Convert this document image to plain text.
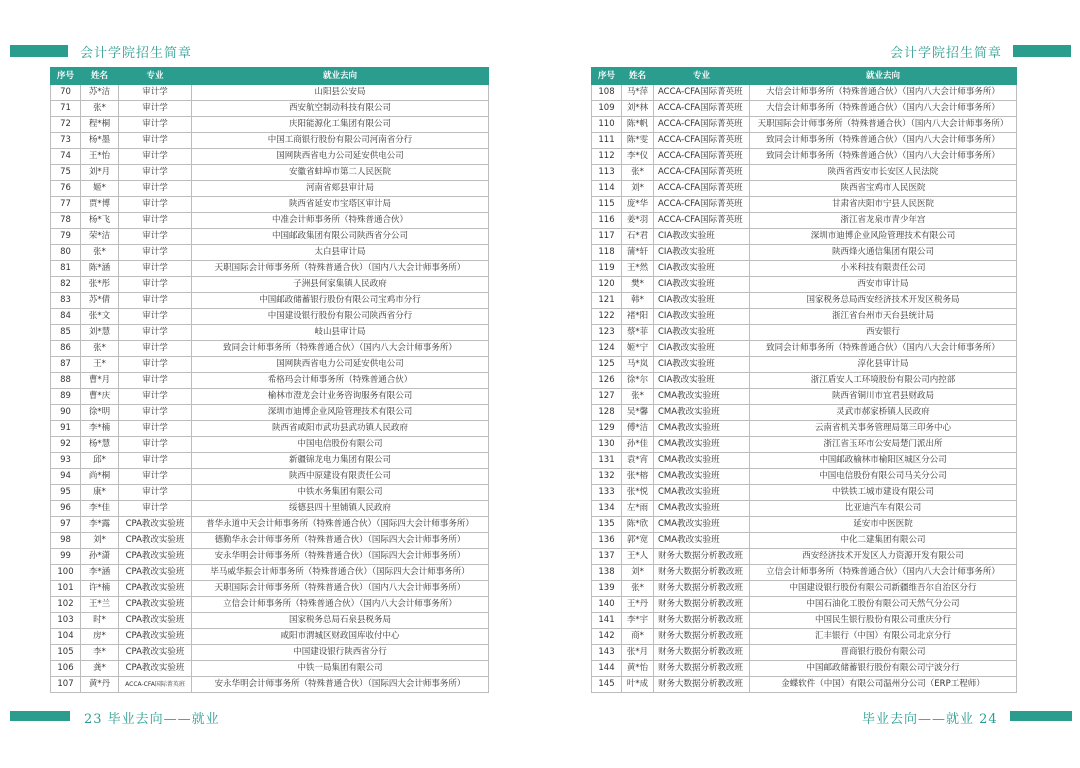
会计学院招生简章	会计学院招生简章
序号	姓名	专业	就业去向
70	苏*洁	审计学	山阳县公安局
71	张*	审计学	西安航空制动科技有限公司
72	程*桐	审计学	庆阳能源化工集团有限公司
73	杨*墨	审计学	中国工商银行股份有限公司河南省分行
74	王*怡	审计学	国网陕西省电力公司延安供电公司
75	刘*月	审计学	安徽省蚌埠市第二人民医院
76	姬*	审计学	河南省郏县审计局
77	贾*博	审计学	陕西省延安市宝塔区审计局
78	杨*飞	审计学	中准会计师事务所（特殊普通合伙）
79	荣*洁	审计学	中国邮政集团有限公司陕西省分公司
80	张*	审计学	太白县审计局
81	陈*涵	审计学	天职国际会计师事务所（特殊普通合伙）（国内八大会计师事务所）
82	张*彤	审计学	子洲县何家集镇人民政府
83	苏*倩	审计学	中国邮政储蓄银行股份有限公司宝鸡市分行
84	张*文	审计学	中国建设银行股份有限公司陕西省分行
85	刘*慧	审计学	岐山县审计局
86	张*	审计学	致同会计师事务所（特殊普通合伙）（国内八大会计师事务所）
87	王*	审计学	国网陕西省电力公司延安供电公司
88	曹*月	审计学	希格玛会计师事务所（特殊普通合伙）
89	曹*庆	审计学	榆林市澄龙会计业务咨询服务有限公司
90	徐*明	审计学	深圳市迪博企业风险管理技术有限公司
91	李*楠	审计学	陕西省咸阳市武功县武功镇人民政府
92	杨*慧	审计学	中国电信股份有限公司
93	邱*	审计学	新疆锦龙电力集团有限公司
94	尚*桐	审计学	陕西中原建设有限责任公司
95	康*	审计学	中铁水务集团有限公司
96	李*佳	审计学	绥德县四十里铺镇人民政府
97	李*露	CPA教改实验班	普华永道中天会计师事务所（特殊普通合伙）（国际四大会计师事务所）
98	刘*	CPA教改实验班	德勤华永会计师事务所（特殊普通合伙）（国际四大会计师事务所）
99	孙*潇	CPA教改实验班	安永华明会计师事务所（特殊普通合伙）（国际四大会计师事务所）
100	李*涵	CPA教改实验班	毕马威华振会计师事务所（特殊普通合伙）（国际四大会计师事务所）
101	许*楠	CPA教改实验班	天职国际会计师事务所（特殊普通合伙）（国内八大会计师事务所）
102	王*兰	CPA教改实验班	立信会计师事务所（特殊普通合伙）（国内八大会计师事务所）
103	时*	CPA教改实验班	国家税务总局石泉县税务局
104	房*	CPA教改实验班	咸阳市渭城区财政国库收付中心
105	李*	CPA教改实验班	中国建设银行陕西省分行
106	龚*	CPA教改实验班	中铁一局集团有限公司
107	黄*丹	ACCA-CFA国际菁英班	安永华明会计师事务所（特殊普通合伙）（国际四大会计师事务所）
序号	姓名	专业	就业去向
108	马*萍	ACCA-CFA国际菁英班	大信会计师事务所（特殊普通合伙）（国内八大会计师事务所）
109	刘*林	ACCA-CFA国际菁英班	大信会计师事务所（特殊普通合伙）（国内八大会计师事务所）
110	陈*帆	ACCA-CFA国际菁英班	天职国际会计师事务所（特殊普通合伙）（国内八大会计师事务所）
111	陈*雯	ACCA-CFA国际菁英班	致同会计师事务所（特殊普通合伙）（国内八大会计师事务所）
112	李*仪	ACCA-CFA国际菁英班	致同会计师事务所（特殊普通合伙）（国内八大会计师事务所）
113	张*	ACCA-CFA国际菁英班	陕西省西安市长安区人民法院
114	刘*	ACCA-CFA国际菁英班	陕西省宝鸡市人民医院
115	庞*华	ACCA-CFA国际菁英班	甘肃省庆阳市宁县人民医院
116	姜*羽	ACCA-CFA国际菁英班	浙江省龙泉市青少年宫
117	石*君	CIA教改实验班	深圳市迪博企业风险管理技术有限公司
118	蒲*轩	CIA教改实验班	陕西烽火通信集团有限公司
119	王*然	CIA教改实验班	小米科技有限责任公司
120	樊*	CIA教改实验班	西安市审计局
121	韩*	CIA教改实验班	国家税务总局西安经济技术开发区税务局
122	褚*阳	CIA教改实验班	浙江省台州市天台县统计局
123	蔡*菲	CIA教改实验班	西安银行
124	姬*宁	CIA教改实验班	致同会计师事务所（特殊普通合伙）（国内八大会计师事务所）
125	马*岚	CIA教改实验班	淳化县审计局
126	徐*尔	CIA教改实验班	浙江盾安人工环境股份有限公司内控部
127	张*	CMA教改实验班	陕西省铜川市宜君县财政局
128	吴*馨	CMA教改实验班	灵武市郝家桥镇人民政府
129	傅*洁	CMA教改实验班	云南省机关事务管理局第三印务中心
130	孙*佳	CMA教改实验班	浙江省玉环市公安局楚门派出所
131	袁*宵	CMA教改实验班	中国邮政榆林市榆阳区城区分公司
132	张*榕	CMA教改实验班	中国电信股份有限公司马关分公司
133	张*悦	CMA教改实验班	中铁铁工城市建设有限公司
134	左*雨	CMA教改实验班	比亚迪汽车有限公司
135	陈*欣	CMA教改实验班	延安市中医医院
136	郭*宽	CMA教改实验班	中化二建集团有限公司
137	王*人	财务大数据分析教改班	西安经济技术开发区人力资源开发有限公司
138	刘*	财务大数据分析教改班	立信会计师事务所（特殊普通合伙）（国内八大会计师事务所）
139	张*	财务大数据分析教改班	中国建设银行股份有限公司新疆维吾尔自治区分行
140	王*丹	财务大数据分析教改班	中国石油化工股份有限公司天然气分公司
141	李*宇	财务大数据分析教改班	中国民生银行股份有限公司重庆分行
142	商*	财务大数据分析教改班	汇丰银行（中国）有限公司北京分行
143	张*月	财务大数据分析教改班	晋商银行股份有限公司
144	黄*怡	财务大数据分析教改班	中国邮政储蓄银行股份有限公司宁波分行
145	叶*成	财务大数据分析教改班	金蝶软件（中国）有限公司温州分公司（ERP工程师）
23 毕业去向——就业	毕业去向——就业 24
